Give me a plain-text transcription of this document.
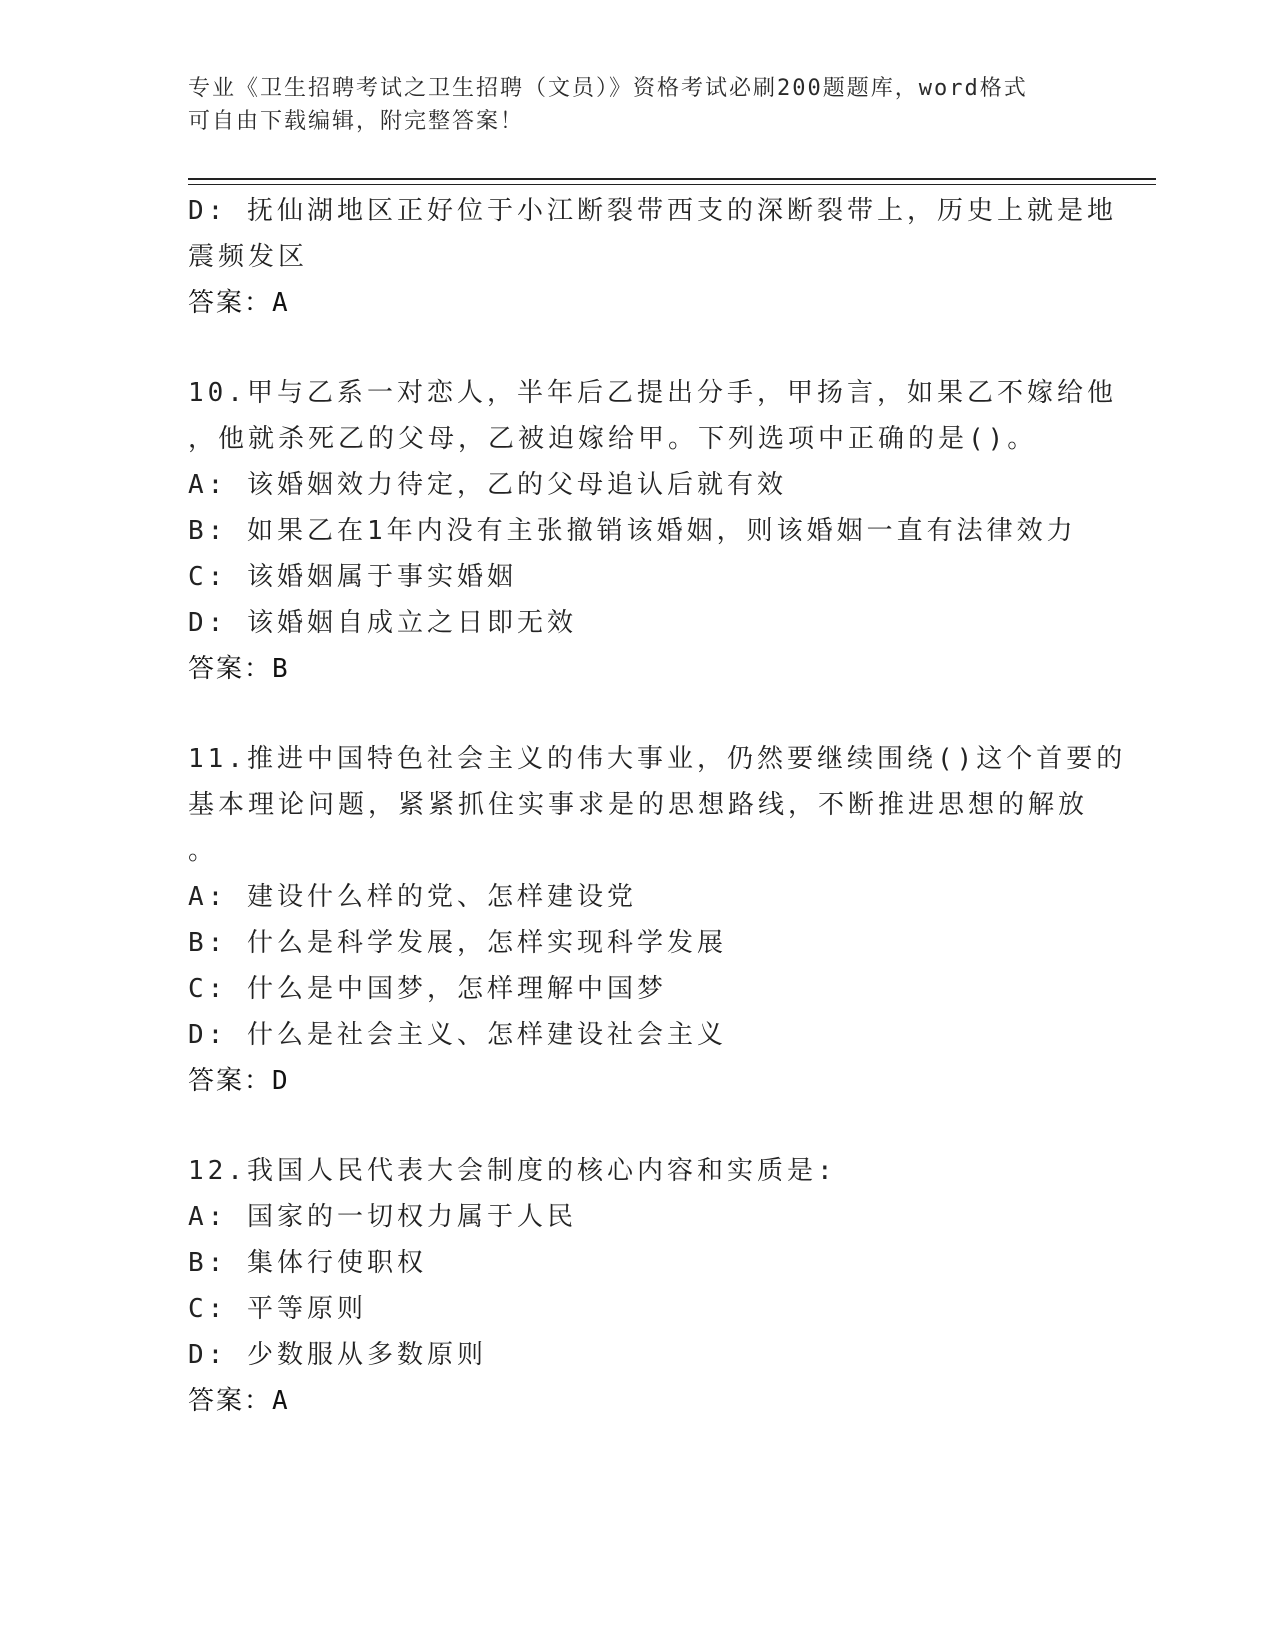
专业《卫生招聘考试之卫生招聘（文员）》资格考试必刷200题题库，word格式
可自由下载编辑，附完整答案！
D: 抚仙湖地区正好位于小江断裂带西支的深断裂带上，历史上就是地
震频发区
答案：A
10.甲与乙系一对恋人，半年后乙提出分手，甲扬言，如果乙不嫁给他
，他就杀死乙的父母，乙被迫嫁给甲。下列选项中正确的是()。
A: 该婚姻效力待定，乙的父母追认后就有效
B: 如果乙在1年内没有主张撤销该婚姻，则该婚姻一直有法律效力
C: 该婚姻属于事实婚姻
D: 该婚姻自成立之日即无效
答案：B
11.推进中国特色社会主义的伟大事业，仍然要继续围绕()这个首要的
基本理论问题，紧紧抓住实事求是的思想路线，不断推进思想的解放
。
A: 建设什么样的党、怎样建设党
B: 什么是科学发展，怎样实现科学发展
C: 什么是中国梦，怎样理解中国梦
D: 什么是社会主义、怎样建设社会主义
答案：D
12.我国人民代表大会制度的核心内容和实质是:
A: 国家的一切权力属于人民
B: 集体行使职权
C: 平等原则
D: 少数服从多数原则
答案：A
